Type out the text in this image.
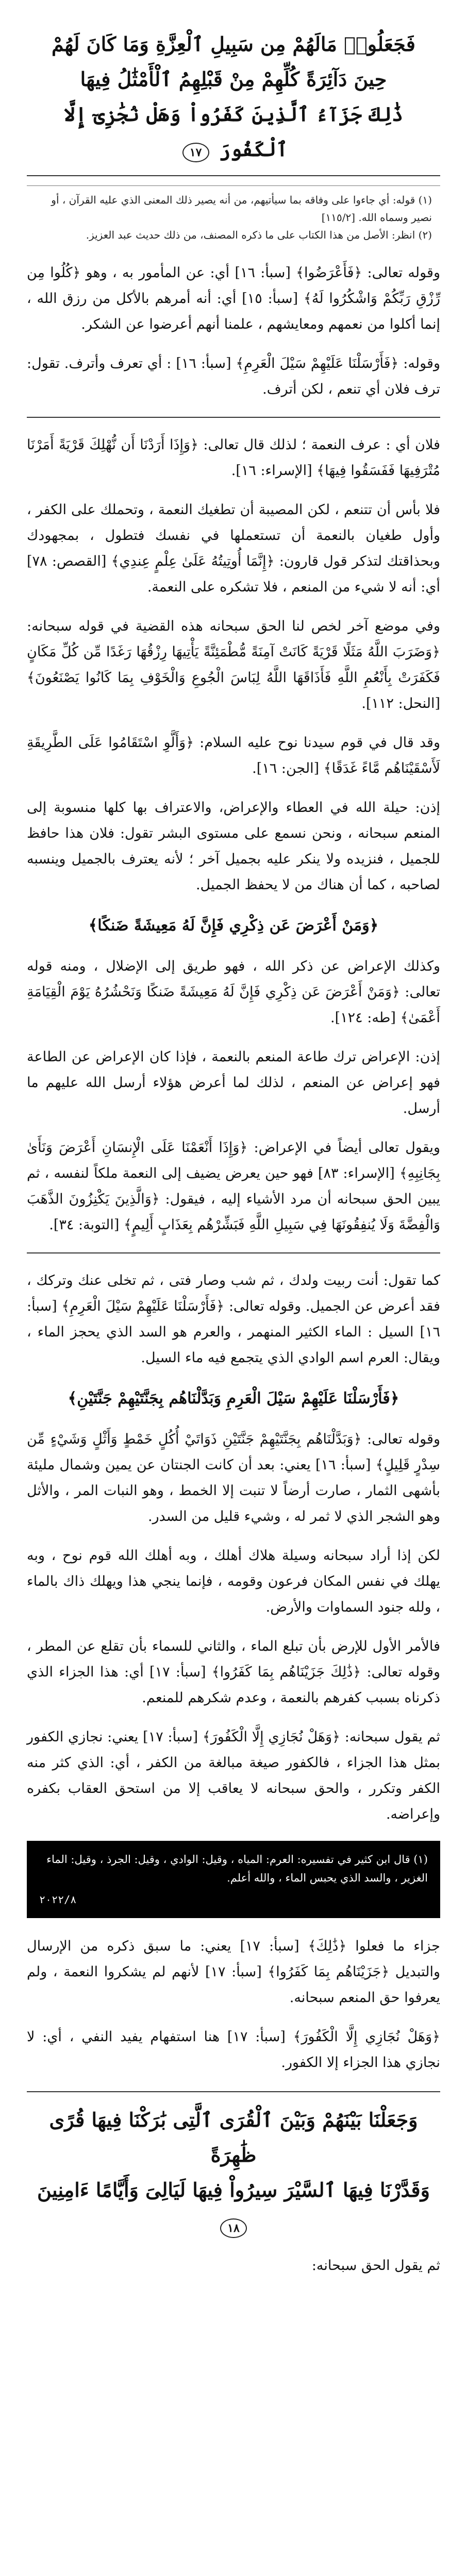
فَجَعَلُوا۟ مَالَهُمْ مِن سَبِيلِ ٱلْعِزَّةِ وَمَا كَانَ لَهُمْ
حِينَ دَآئِرَةً كُلِّهِمْ مِنْ قَبْلِهِمُ ٱلْأَمْثَٰلُ فِيهَا
ذَٰلِكَ جَزَآءُ ٱلَّذِينَ كَفَرُواْ وَهَلْ نُجَٰزِىٓ إِلَّا ٱلْكَفُورَ ١٧
(١) قوله: أي جاءوا على وفاقه بما سيأتيهم، من أنه يصير ذلك المعنى الذي عليه القرآن ، أو نصير وسماه الله. [١١٥/٢]
(٢) انظر: الأصل من هذا الكتاب على ما ذكره المصنف، من ذلك حديث عبد العزيز.

وقوله تعالى: ﴿فَأَعْرَضُوا﴾ [سبأ: ١٦] أي: عن المأمور به ، وهو ﴿كُلُوا مِن رِّزْقِ رَبِّكُمْ وَاشْكُرُوا لَهُ﴾ [سبأ: ١٥] أي: أنه أمرهم بالأكل من رزق الله ، إنما أكلوا من نعمهم ومعايشهم ، علمنا أنهم أعرضوا عن الشكر.

وقوله: ﴿فَأَرْسَلْنَا عَلَيْهِمْ سَيْلَ الْعَرِمِ﴾ [سبأ: ١٦] : أي تعرف وأترف. تقول: ترف فلان أي تنعم ، لكن أترف.

فلان أي : عرف النعمة ؛ لذلك قال تعالى: ﴿وَإِذَا أَرَدْنَا أَن نُّهْلِكَ قَرْيَةً أَمَرْنَا مُتْرَفِيهَا فَفَسَقُوا فِيهَا﴾ [الإسراء: ١٦].

فلا بأس أن تتنعم ، لكن المصيبة أن تطغيك النعمة ، وتحملك على الكفر ، وأول طغيان بالنعمة أن تستعملها في نفسك فتطول ، بمجهودك وبحذاقتك لتذكر قول قارون: ﴿إِنَّمَا أُوتِيتُهُ عَلَىٰ عِلْمٍ عِندِي﴾ [القصص: ٧٨] أي: أنه لا شيء من المنعم ، فلا تشكره على النعمة.

وفي موضع آخر لخص لنا الحق سبحانه هذه القضية في قوله سبحانه: ﴿وَضَرَبَ اللَّهُ مَثَلًا قَرْيَةً كَانَتْ آمِنَةً مُّطْمَئِنَّةً يَأْتِيهَا رِزْقُهَا رَغَدًا مِّن كُلِّ مَكَانٍ فَكَفَرَتْ بِأَنْعُمِ اللَّهِ فَأَذَاقَهَا اللَّهُ لِبَاسَ الْجُوعِ وَالْخَوْفِ بِمَا كَانُوا يَصْنَعُونَ﴾ [النحل: ١١٢].

وقد قال في قوم سيدنا نوح عليه السلام: ﴿وَأَلَّوِ اسْتَقَامُوا عَلَى الطَّرِيقَةِ لَأَسْقَيْنَاهُم مَّاءً غَدَقًا﴾ [الجن: ١٦].

إذن: حيلة الله في العطاء والإعراض، والاعتراف بها كلها منسوبة إلى المنعم سبحانه ، ونحن نسمع على مستوى البشر تقول: فلان هذا حافظ للجميل ، فنزيده ولا ينكر عليه بجميل آخر ؛ لأنه يعترف بالجميل وينسبه لصاحبه ، كما أن هناك من لا يحفظ الجميل.

﴿وَمَنْ أَعْرَضَ عَن ذِكْرِي فَإِنَّ لَهُ مَعِيشَةً ضَنكًا﴾

وكذلك الإعراض عن ذكر الله ، فهو طريق إلى الإضلال ، ومنه قوله تعالى: ﴿وَمَنْ أَعْرَضَ عَن ذِكْرِي فَإِنَّ لَهُ مَعِيشَةً ضَنكًا وَنَحْشُرُهُ يَوْمَ الْقِيَامَةِ أَعْمَىٰ﴾ [طه: ١٢٤].

إذن: الإعراض ترك طاعة المنعم بالنعمة ، فإذا كان الإعراض عن الطاعة فهو إعراض عن المنعم ، لذلك لما أعرض هؤلاء أرسل الله عليهم ما أرسل.

ويقول تعالى أيضاً في الإعراض: ﴿وَإِذَا أَنْعَمْنَا عَلَى الْإِنسَانِ أَعْرَضَ وَنَأَىٰ بِجَانِبِهِ﴾ [الإسراء: ٨٣] فهو حين يعرض يضيف إلى النعمة ملكاً لنفسه ، ثم يبين الحق سبحانه أن مرد الأشياء إليه ، فيقول: ﴿وَالَّذِينَ يَكْنِزُونَ الذَّهَبَ وَالْفِضَّةَ وَلَا يُنفِقُونَهَا فِي سَبِيلِ اللَّهِ فَبَشِّرْهُم بِعَذَابٍ أَلِيمٍ﴾ [التوبة: ٣٤].

كما تقول: أنت ربيت ولدك ، ثم شب وصار فتى ، ثم تخلى عنك وتركك ، فقد أعرض عن الجميل. وقوله تعالى: ﴿فَأَرْسَلْنَا عَلَيْهِمْ سَيْلَ الْعَرِمِ﴾ [سبأ: ١٦] السيل : الماء الكثير المنهمر ، والعرم هو السد الذي يحجز الماء ، ويقال: العرم اسم الوادي الذي يتجمع فيه ماء السيل.

﴿فَأَرْسَلْنَا عَلَيْهِمْ سَيْلَ الْعَرِمِ وَبَدَّلْنَاهُم بِجَنَّتَيْهِمْ جَنَّتَيْنِ﴾

وقوله تعالى: ﴿وَبَدَّلْنَاهُم بِجَنَّتَيْهِمْ جَنَّتَيْنِ ذَوَاتَيْ أُكُلٍ خَمْطٍ وَأَثْلٍ وَشَيْءٍ مِّن سِدْرٍ قَلِيلٍ﴾ [سبأ: ١٦] يعني: بعد أن كانت الجنتان عن يمين وشمال مليئة بأشهى الثمار ، صارت أرضاً لا تنبت إلا الخمط ، وهو النبات المر ، والأثل وهو الشجر الذي لا ثمر له ، وشيء قليل من السدر.

لكن إذا أراد سبحانه وسيلة هلاك أهلك ، وبه أهلك الله قوم نوح ، وبه يهلك في نفس المكان فرعون وقومه ، فإنما ينجي هذا ويهلك ذاك بالماء ، ولله جنود السماوات والأرض.

فالأمر الأول للإرض بأن تبلع الماء ، والثاني للسماء بأن تقلع عن المطر ، وقوله تعالى: ﴿ذَٰلِكَ جَزَيْنَاهُم بِمَا كَفَرُوا﴾ [سبأ: ١٧] أي: هذا الجزاء الذي ذكرناه بسبب كفرهم بالنعمة ، وعدم شكرهم للمنعم.

ثم يقول سبحانه: ﴿وَهَلْ نُجَازِي إِلَّا الْكَفُورَ﴾ [سبأ: ١٧] يعني: نجازي الكفور بمثل هذا الجزاء ، فالكفور صيغة مبالغة من الكفر ، أي: الذي كثر منه الكفر وتكرر ، والحق سبحانه لا يعاقب إلا من استحق العقاب بكفره وإعراضه.

(١) قال ابن كثير في تفسيره: العرم: المياه ، وقيل: الوادي ، وقيل: الجرذ ، وقيل: الماء الغزير ، والسد الذي يحبس الماء ، والله أعلم.
٢٠٢٢/٨

جزاء ما فعلوا ﴿ذَٰلِكَ﴾ [سبأ: ١٧] يعني: ما سبق ذكره من الإرسال والتبديل ﴿جَزَيْنَاهُم بِمَا كَفَرُوا﴾ [سبأ: ١٧] لأنهم لم يشكروا النعمة ، ولم يعرفوا حق المنعم سبحانه.

﴿وَهَلْ نُجَازِي إِلَّا الْكَفُورَ﴾ [سبأ: ١٧] هنا استفهام يفيد النفي ، أي: لا نجازي هذا الجزاء إلا الكفور.

وَجَعَلْنَا بَيْنَهُمْ وَبَيْنَ ٱلْقُرَى ٱلَّتِى بَٰرَكْنَا فِيهَا قُرًى ظَٰهِرَةً
وَقَدَّرْنَا فِيهَا ٱلسَّيْرَ سِيرُواْ فِيهَا لَيَالِىَ وَأَيَّامًا ءَامِنِينَ ١٨
ثم يقول الحق سبحانه:
